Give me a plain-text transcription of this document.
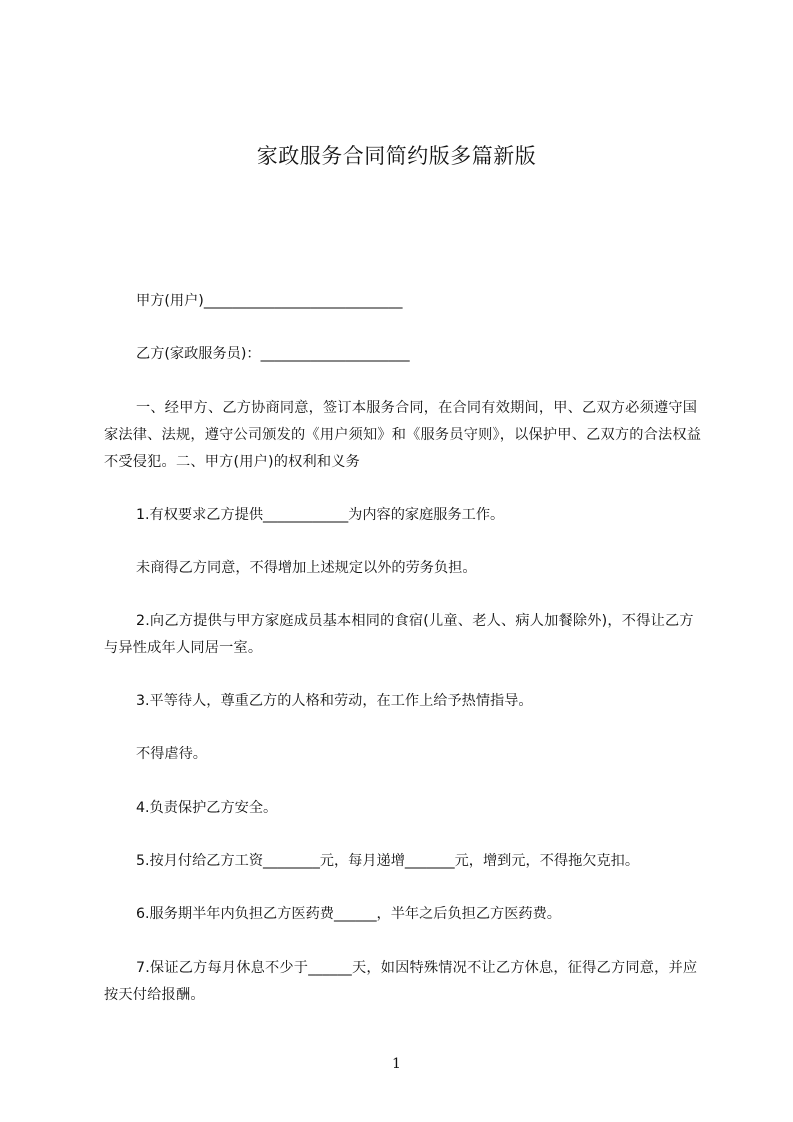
家政服务合同简约版多篇新版
甲方(用户)____________________________
乙方(家政服务员)：_____________________
一、经甲方、乙方协商同意，签订本服务合同，在合同有效期间，甲、乙双方必须遵守国家法律、法规，遵守公司颁发的《用户须知》和《服务员守则》，以保护甲、乙双方的合法权益不受侵犯。二、甲方(用户)的权利和义务
1.有权要求乙方提供____________为内容的家庭服务工作。
未商得乙方同意，不得增加上述规定以外的劳务负担。
2.向乙方提供与甲方家庭成员基本相同的食宿(儿童、老人、病人加餐除外)，不得让乙方与异性成年人同居一室。
3.平等待人，尊重乙方的人格和劳动，在工作上给予热情指导。
不得虐待。
4.负责保护乙方安全。
5.按月付给乙方工资________元，每月递增_______元，增到元，不得拖欠克扣。
6.服务期半年内负担乙方医药费______，半年之后负担乙方医药费。
7.保证乙方每月休息不少于______天，如因特殊情况不让乙方休息，征得乙方同意，并应按天付给报酬。
1
